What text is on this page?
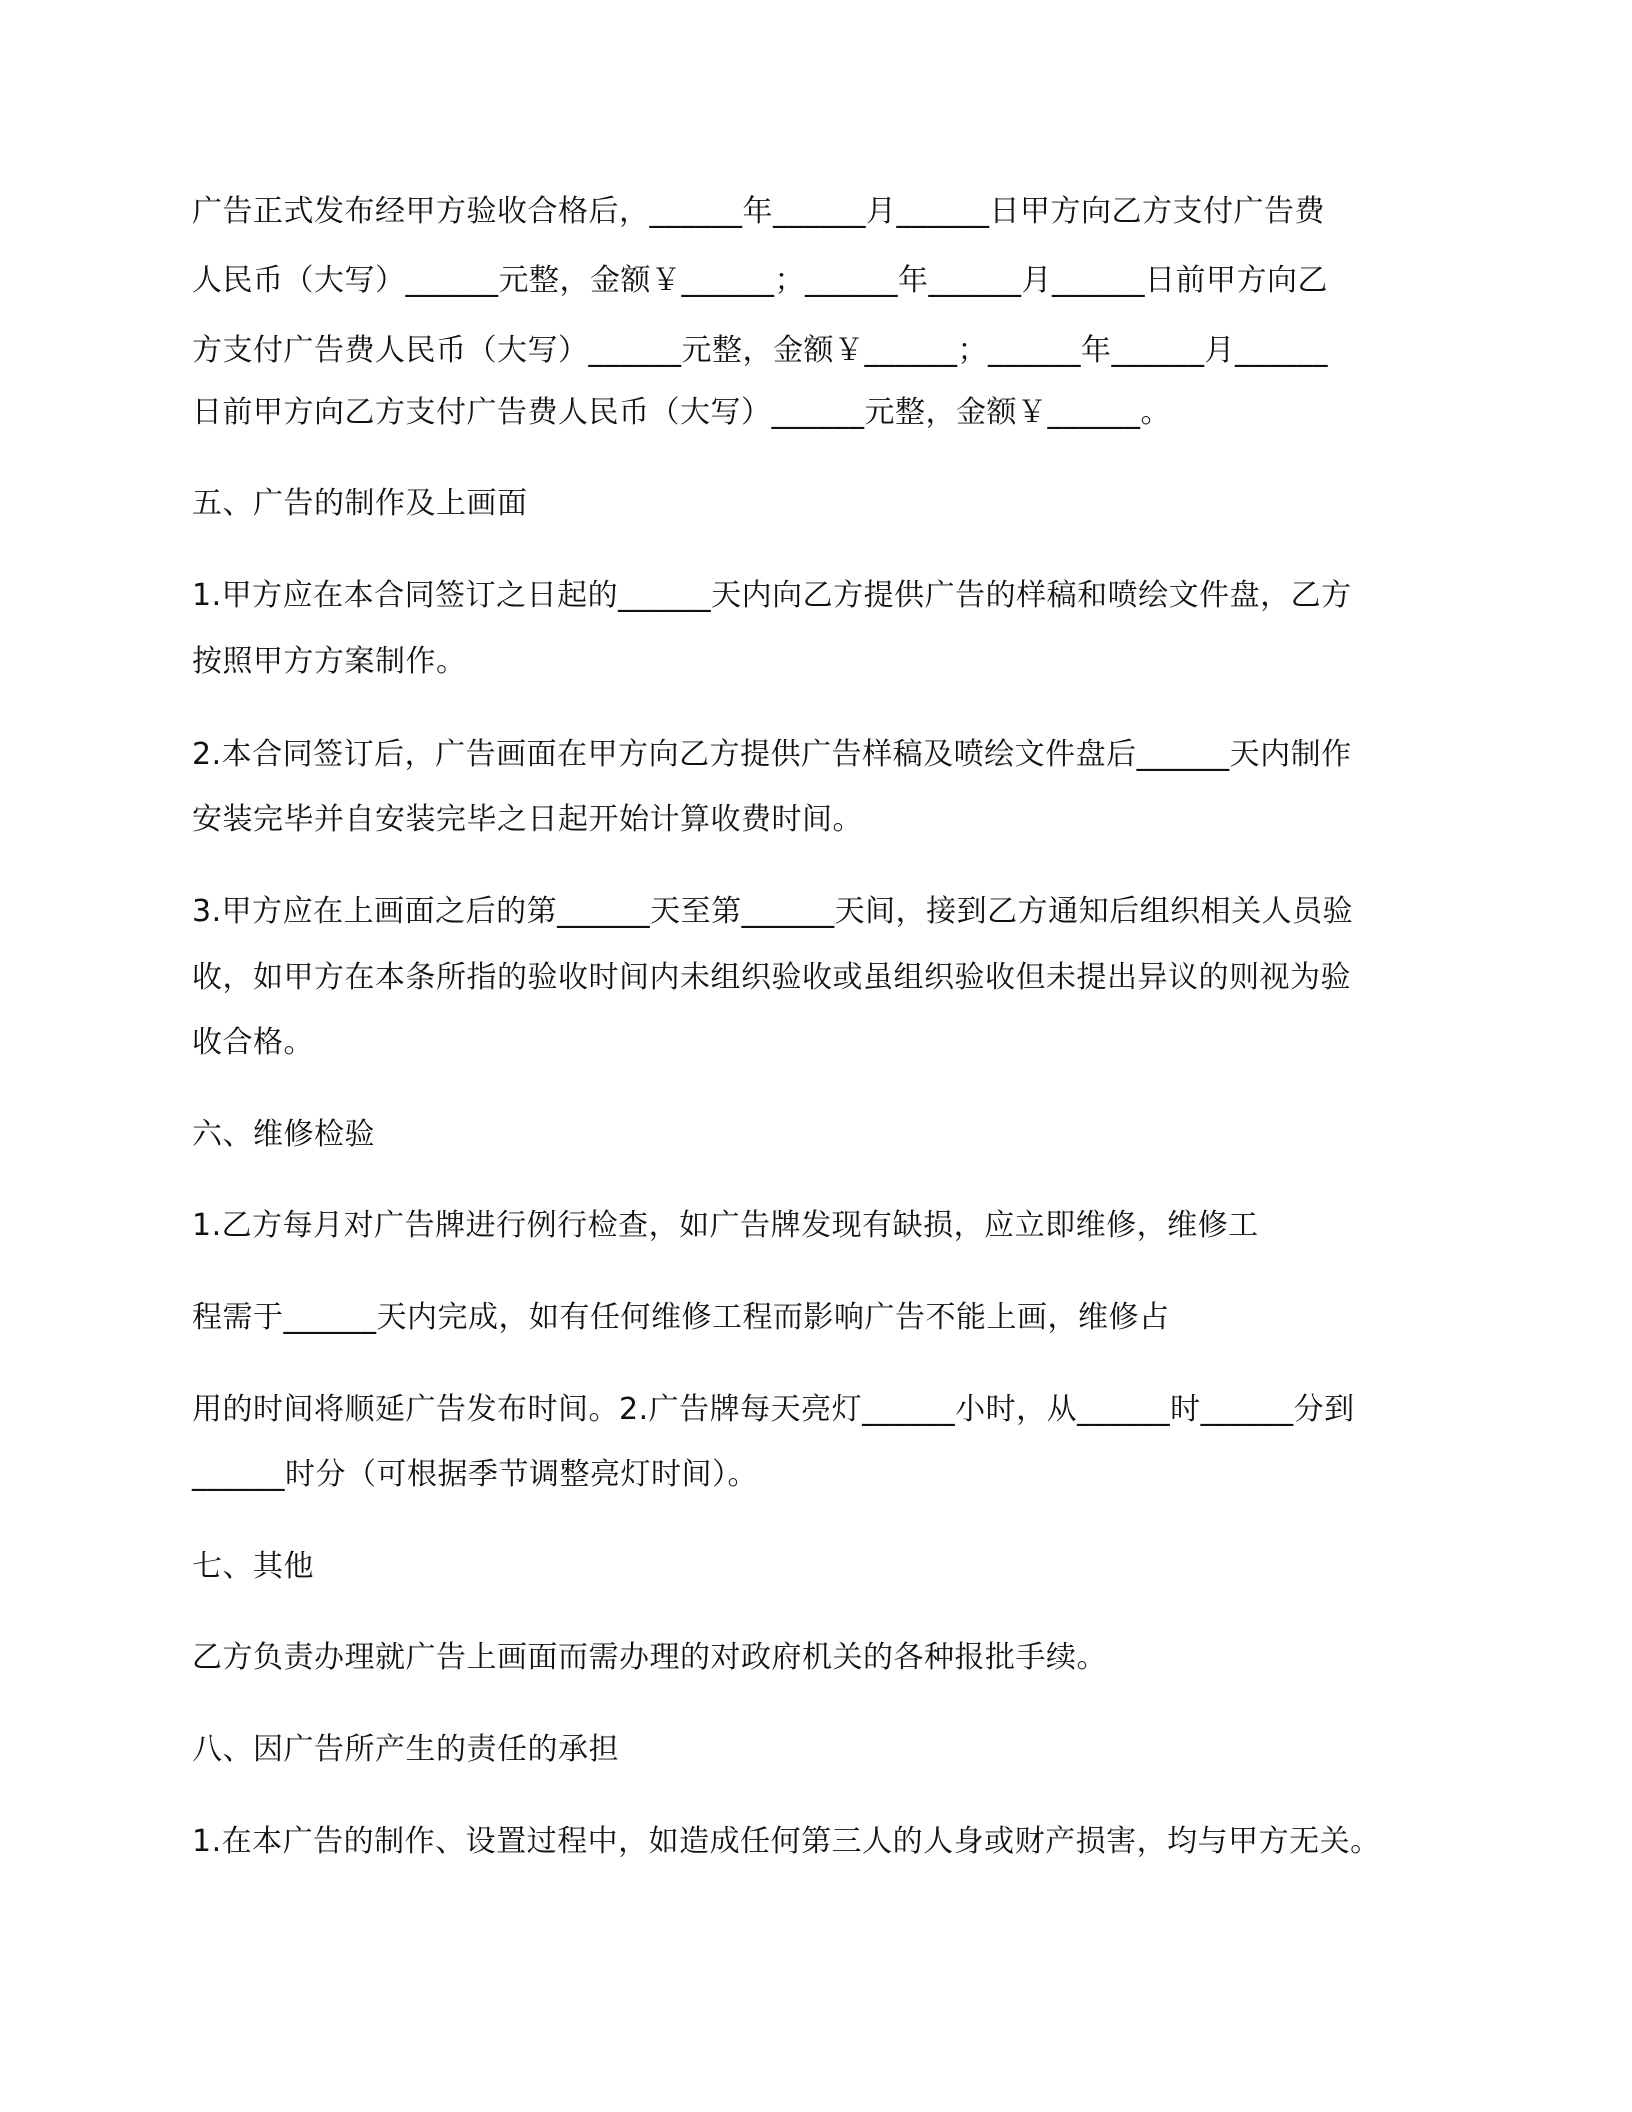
广告正式发布经甲方验收合格后，______年______月______日甲方向乙方支付广告费
人民币（大写）______元整，金额￥______；______年______月______日前甲方向乙
方支付广告费人民币（大写）______元整，金额￥______；______年______月______
日前甲方向乙方支付广告费人民币（大写）______元整，金额￥______。
五、广告的制作及上画面
1.甲方应在本合同签订之日起的______天内向乙方提供广告的样稿和喷绘文件盘，乙方
按照甲方方案制作。
2.本合同签订后，广告画面在甲方向乙方提供广告样稿及喷绘文件盘后______天内制作
安装完毕并自安装完毕之日起开始计算收费时间。
3.甲方应在上画面之后的第______天至第______天间，接到乙方通知后组织相关人员验
收，如甲方在本条所指的验收时间内未组织验收或虽组织验收但未提出异议的则视为验
收合格。
六、维修检验
1.乙方每月对广告牌进行例行检查，如广告牌发现有缺损，应立即维修，维修工
程需于______天内完成，如有任何维修工程而影响广告不能上画，维修占
用的时间将顺延广告发布时间。2.广告牌每天亮灯______小时，从______时______分到
______时分（可根据季节调整亮灯时间）。
七、其他
乙方负责办理就广告上画面而需办理的对政府机关的各种报批手续。
八、因广告所产生的责任的承担
1.在本广告的制作、设置过程中，如造成任何第三人的人身或财产损害，均与甲方无关。
